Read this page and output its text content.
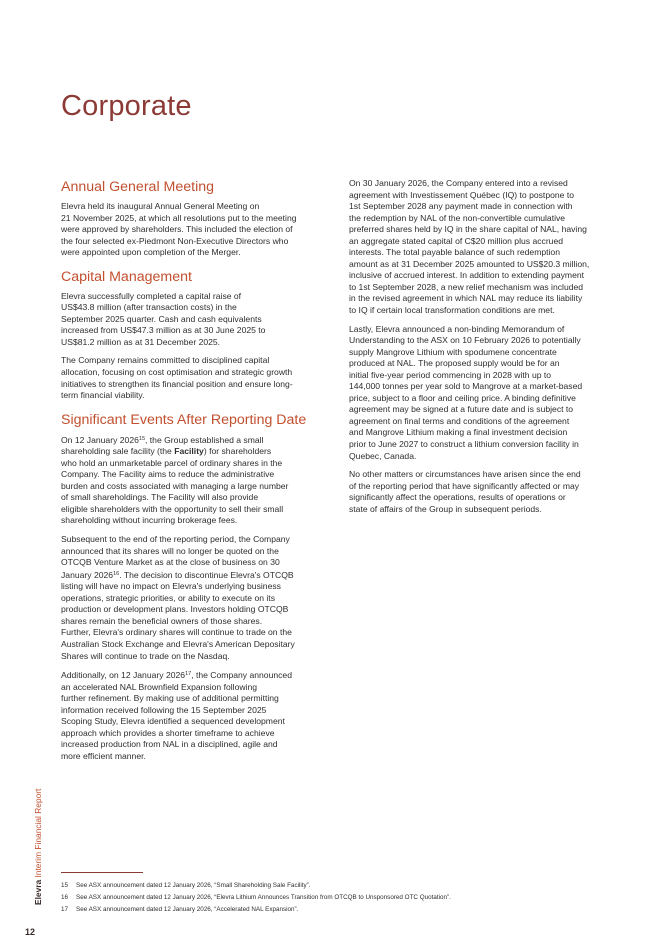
Corporate
Annual General Meeting

Elevra held its inaugural Annual General Meeting on
21 November 2025, at which all resolutions put to the meeting
were approved by shareholders. This included the election of
the four selected ex-Piedmont Non-Executive Directors who
were appointed upon completion of the Merger.

Capital Management

Elevra successfully completed a capital raise of
US$43.8 million (after transaction costs) in the
September 2025 quarter. Cash and cash equivalents
increased from US$47.3 million as at 30 June 2025 to
US$81.2 million as at 31 December 2025.

The Company remains committed to disciplined capital
allocation, focusing on cost optimisation and strategic growth
initiatives to strengthen its financial position and ensure long-
term financial viability.

Significant Events After Reporting Date

On 12 January 2026$^{15}$, the Group established a small
shareholding sale facility (the Facility) for shareholders
who hold an unmarketable parcel of ordinary shares in the
Company. The Facility aims to reduce the administrative
burden and costs associated with managing a large number
of small shareholdings. The Facility will also provide
eligible shareholders with the opportunity to sell their small
shareholding without incurring brokerage fees.

Subsequent to the end of the reporting period, the Company
announced that its shares will no longer be quoted on the
OTCQB Venture Market as at the close of business on 30
January 2026$^{16}$. The decision to discontinue Elevra's OTCQB
listing will have no impact on Elevra's underlying business
operations, strategic priorities, or ability to execute on its
production or development plans. Investors holding OTCQB
shares remain the beneficial owners of those shares.
Further, Elevra's ordinary shares will continue to trade on the
Australian Stock Exchange and Elevra's American Depositary
Shares will continue to trade on the Nasdaq.

Additionally, on 12 January 2026$^{17}$, the Company announced
an accelerated NAL Brownfield Expansion following
further refinement. By making use of additional permitting
information received following the 15 September 2025
Scoping Study, Elevra identified a sequenced development
approach which provides a shorter timeframe to achieve
increased production from NAL in a disciplined, agile and
more efficient manner.

On 30 January 2026, the Company entered into a revised
agreement with Investissement Québec (IQ) to postpone to
1st September 2028 any payment made in connection with
the redemption by NAL of the non-convertible cumulative
preferred shares held by IQ in the share capital of NAL, having
an aggregate stated capital of C$20 million plus accrued
interests. The total payable balance of such redemption
amount as at 31 December 2025 amounted to US$20.3 million,
inclusive of accrued interest. In addition to extending payment
to 1st September 2028, a new relief mechanism was included
in the revised agreement in which NAL may reduce its liability
to IQ if certain local transformation conditions are met.

Lastly, Elevra announced a non-binding Memorandum of
Understanding to the ASX on 10 February 2026 to potentially
supply Mangrove Lithium with spodumene concentrate
produced at NAL. The proposed supply would be for an
initial five-year period commencing in 2028 with up to
144,000 tonnes per year sold to Mangrove at a market-based
price, subject to a floor and ceiling price. A binding definitive
agreement may be signed at a future date and is subject to
agreement on final terms and conditions of the agreement
and Mangrove Lithium making a final investment decision
prior to June 2027 to construct a lithium conversion facility in
Quebec, Canada.

No other matters or circumstances have arisen since the end
of the reporting period that have significantly affected or may
significantly affect the operations, results of operations or
state of affairs of the Group in subsequent periods.

Elevra Interim Financial Report
12
15 See ASX announcement dated 12 January 2026, “Small Shareholding Sale Facility”.
16 See ASX announcement dated 12 January 2026, “Elevra Lithium Announces Transition from OTCQB to Unsponsored OTC Quotation”.
17 See ASX announcement dated 12 January 2026, “Accelerated NAL Expansion”.
